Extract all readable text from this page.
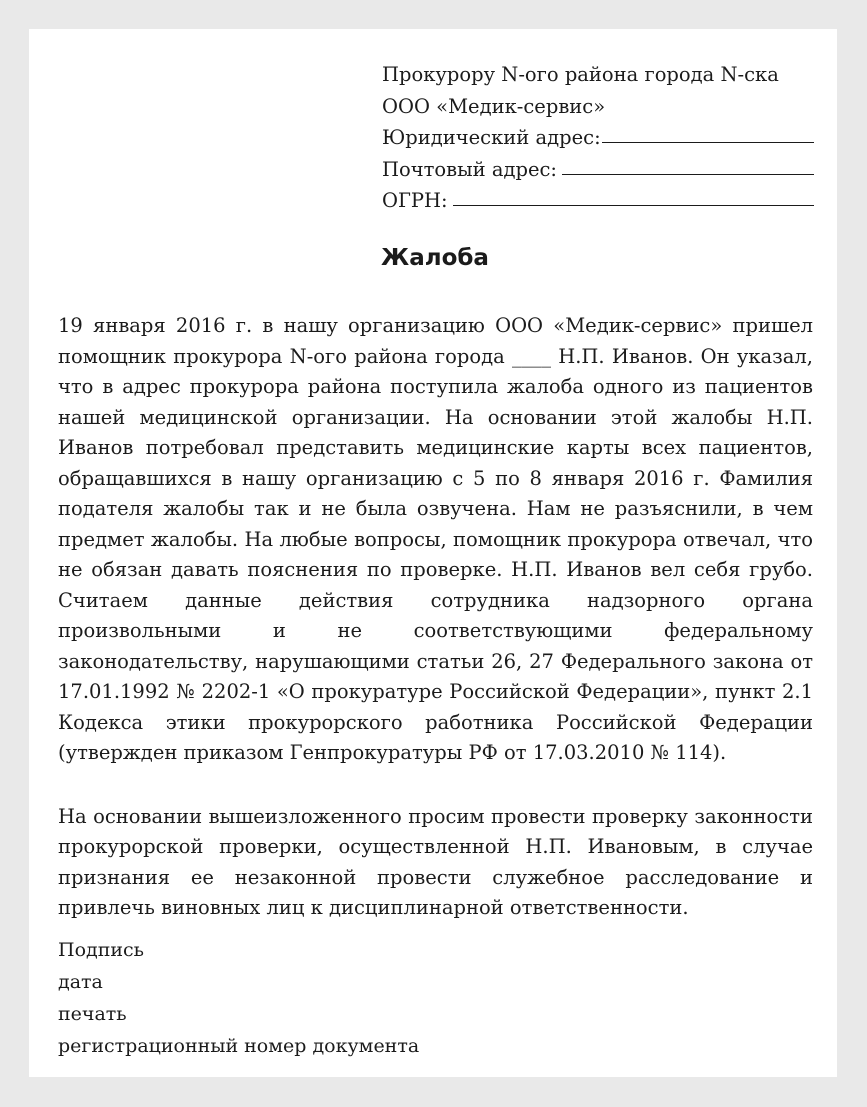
Прокурору N-ого района города N-ска
ООО «Медик-сервис»
Юридический адрес:
Почтовый адрес:
ОГРН:
Жалоба

19 января 2016 г. в нашу организацию ООО «Медик-сервис» пришел помощник прокурора N-ого района города ____ Н.П. Иванов. Он указал, что в адрес прокурора района поступила жалоба одного из пациентов нашей медицинской организации. На основании этой жалобы Н.П. Иванов потребовал представить медицинские карты всех пациентов, обращавшихся в нашу организацию с 5 по 8 января 2016 г. Фамилия подателя жалобы так и не была озвучена. Нам не разъяснили, в чем предмет жалобы. На любые вопросы, помощник прокурора отвечал, что не обязан давать пояснения по проверке. Н.П. Иванов вел себя грубо. Считаем данные действия сотрудника надзорного органа произвольными и не соответствующими федеральному законодательству, нарушающими статьи 26, 27 Федерального закона от 17.01.1992 № 2202-1 «О прокуратуре Российской Федерации», пункт 2.1 Кодекса этики прокурорского работника Российской Федерации (утвержден приказом Генпрокуратуры РФ от 17.03.2010 № 114).

На основании вышеизложенного просим провести проверку законности прокурорской проверки, осуществленной Н.П. Ивановым, в случае признания ее незаконной провести служебное расследование и привлечь виновных лиц к дисциплинарной ответственности.

Подпись
дата
печать
регистрационный номер документа
